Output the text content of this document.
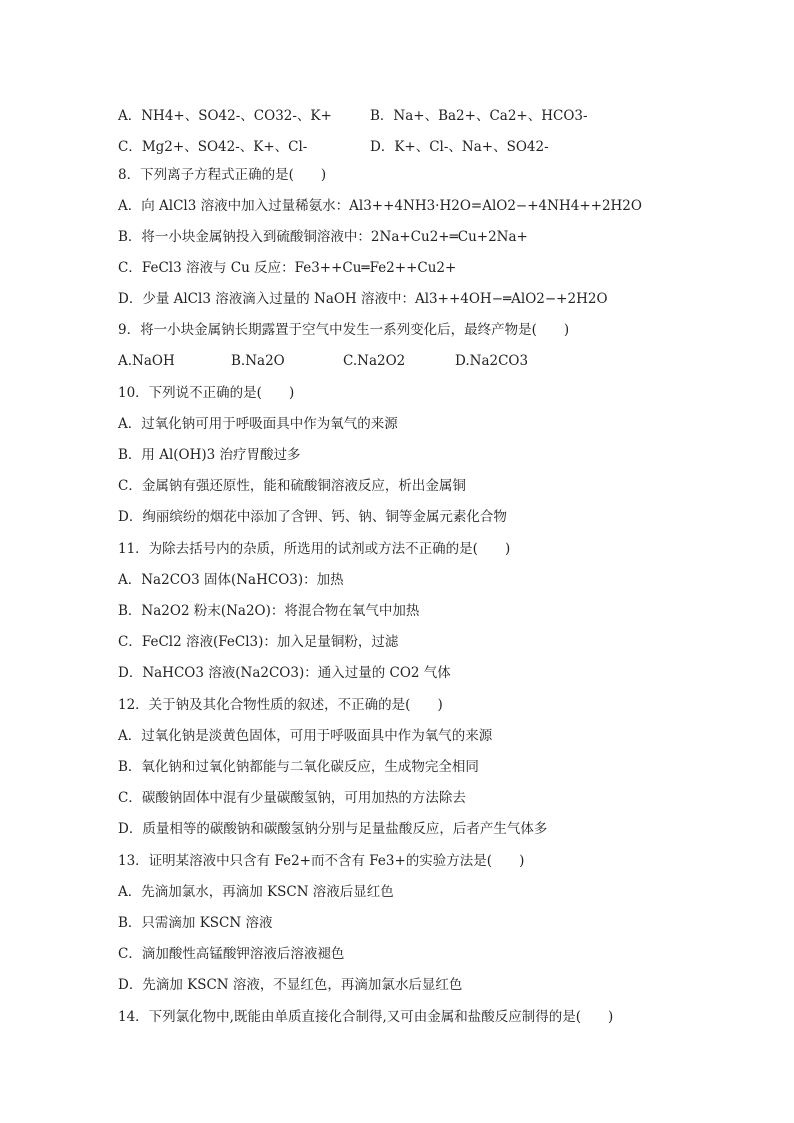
A．NH4+、SO42-、CO32-、K+	B．Na+、Ba2+、Ca2+、HCO3-
C．Mg2+、SO42-、K+、Cl-	D．K+、Cl-、Na+、SO42-
8．下列离子方程式正确的是(　　)
A．向 AlCl3 溶液中加入过量稀氨水：Al3++4NH3·H2O=AlO2−+4NH4++2H2O
B．将一小块金属钠投入到硫酸铜溶液中：2Na+Cu2+═Cu+2Na+
C．FeCl3 溶液与 Cu 反应：Fe3++Cu═Fe2++Cu2+
D．少量 AlCl3 溶液滴入过量的 NaOH 溶液中：Al3++4OH−═AlO2−+2H2O
9．将一小块金属钠长期露置于空气中发生一系列变化后，最终产物是(　　)
A.NaOH	B.Na2O	C.Na2O2	D.Na2CO3
10．下列说不正确的是(　　)
A．过氧化钠可用于呼吸面具中作为氧气的来源
B．用 Al(OH)3 治疗胃酸过多
C．金属钠有强还原性，能和硫酸铜溶液反应，析出金属铜
D．绚丽缤纷的烟花中添加了含钾、钙、钠、铜等金属元素化合物
11．为除去括号内的杂质，所选用的试剂或方法不正确的是(　　)
A．Na2CO3 固体(NaHCO3)：加热
B．Na2O2 粉末(Na2O)：将混合物在氧气中加热
C．FeCl2 溶液(FeCl3)：加入足量铜粉，过滤
D．NaHCO3 溶液(Na2CO3)：通入过量的 CO2 气体
12．关于钠及其化合物性质的叙述，不正确的是(　　)
A．过氧化钠是淡黄色固体，可用于呼吸面具中作为氧气的来源
B．氧化钠和过氧化钠都能与二氧化碳反应，生成物完全相同
C．碳酸钠固体中混有少量碳酸氢钠，可用加热的方法除去
D．质量相等的碳酸钠和碳酸氢钠分别与足量盐酸反应，后者产生气体多
13．证明某溶液中只含有 Fe2+而不含有 Fe3+的实验方法是(　　)
A．先滴加氯水，再滴加 KSCN 溶液后显红色
B．只需滴加 KSCN 溶液
C．滴加酸性高锰酸钾溶液后溶液褪色
D．先滴加 KSCN 溶液，不显红色，再滴加氯水后显红色
14．下列氯化物中,既能由单质直接化合制得,又可由金属和盐酸反应制得的是(　　)
